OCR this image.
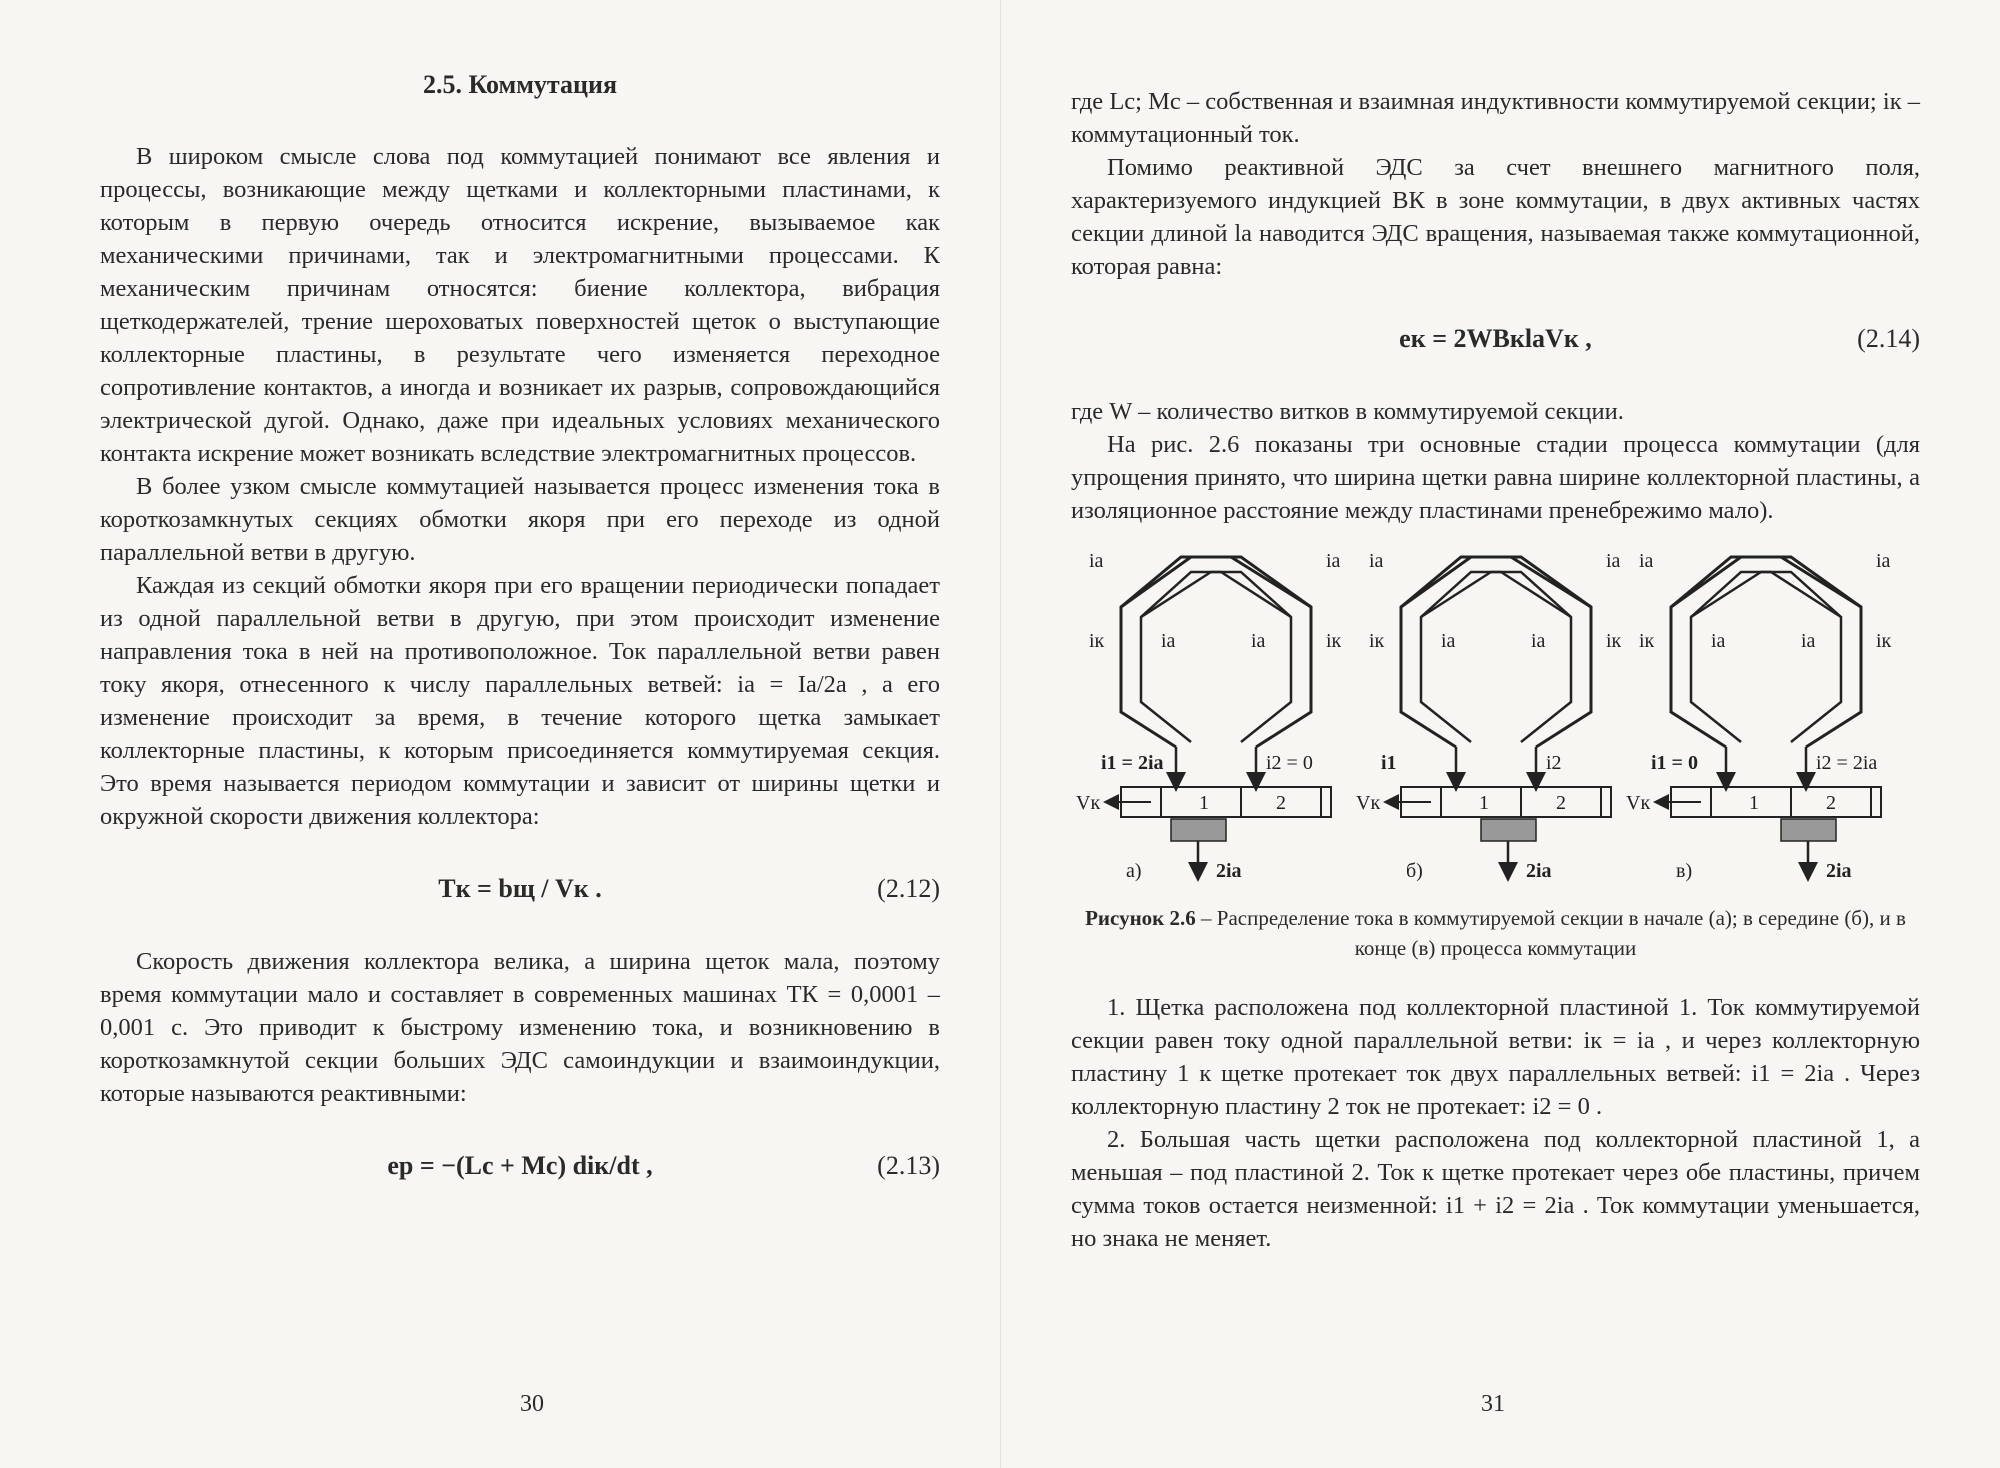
2.5. Коммутация

В широком смысле слова под коммутацией понимают все явления и процессы, возникающие между щетками и коллекторными пластинами, к которым в первую очередь относится искрение, вызываемое как механическими причинами, так и электромагнитными процессами. К механическим причинам относятся: биение коллектора, вибрация щеткодержателей, трение шероховатых поверхностей щеток о выступающие коллекторные пластины, в результате чего изменяется переходное сопротивление контактов, а иногда и возникает их разрыв, сопровождающийся электрической дугой. Однако, даже при идеальных условиях механического контакта искрение может возникать вследствие электромагнитных процессов.

В более узком смысле коммутацией называется процесс изменения тока в короткозамкнутых секциях обмотки якоря при его переходе из одной параллельной ветви в другую.

Каждая из секций обмотки якоря при его вращении периодически попадает из одной параллельной ветви в другую, при этом происходит изменение направления тока в ней на противоположное. Ток параллельной ветви равен току якоря, отнесенного к числу параллельных ветвей: iа = Iа/2a , а его изменение происходит за время, в течение которого щетка замыкает коллекторные пластины, к которым присоединяется коммутируемая секция. Это время называется периодом коммутации и зависит от ширины щетки и окружной скорости движения коллектора:

Tк = bщ / Vк .	(2.12)

Скорость движения коллектора велика, а ширина щеток мала, поэтому время коммутации мало и составляет в современных машинах TК = 0,0001 – 0,001 с. Это приводит к быстрому изменению тока, и возникновению в короткозамкнутой секции больших ЭДС самоиндукции и взаимоиндукции, которые называются реактивными:

eр = −(Lс + Mс) diк/dt ,	(2.13)
30

где Lс; Mс – собственная и взаимная индуктивности коммутируемой секции; iк – коммутационный ток.

Помимо реактивной ЭДС за счет внешнего магнитного поля, характеризуемого индукцией BК в зоне коммутации, в двух активных частях секции длиной lа наводится ЭДС вращения, называемая также коммутационной, которая равна:

eк = 2WBкlаVк ,	(2.14)

где W – количество витков в коммутируемой секции.

На рис. 2.6 показаны три основные стадии процесса коммутации (для упрощения принято, что ширина щетки равна ширине коллекторной пластины, а изоляционное расстояние между пластинами пренебрежимо мало).

1	2
2iа
а)
iа	iа
iк	iа	iа	iк
i1 = 2iа	i2 = 0
Vк	1	2
2iа
б)
iа	iа
iк	iа	iа	iк
i1	i2
Vк	1	2
2iа
в)
iа	iа
iк	iа	iа	iк
i1 = 0	i2 = 2iа
Vк
Рисунок 2.6 – Распределение тока в коммутируемой секции в начале (а); в середине (б), и в конце (в) процесса коммутации

1. Щетка расположена под коллекторной пластиной 1. Ток коммутируемой секции равен току одной параллельной ветви: iк = iа , и через коллекторную пластину 1 к щетке протекает ток двух параллельных ветвей: i1 = 2iа . Через коллекторную пластину 2 ток не протекает: i2 = 0 .

2. Большая часть щетки расположена под коллекторной пластиной 1, а меньшая – под пластиной 2. Ток к щетке протекает через обе пластины, причем сумма токов остается неизменной: i1 + i2 = 2iа . Ток коммутации уменьшается, но знака не меняет.

31
